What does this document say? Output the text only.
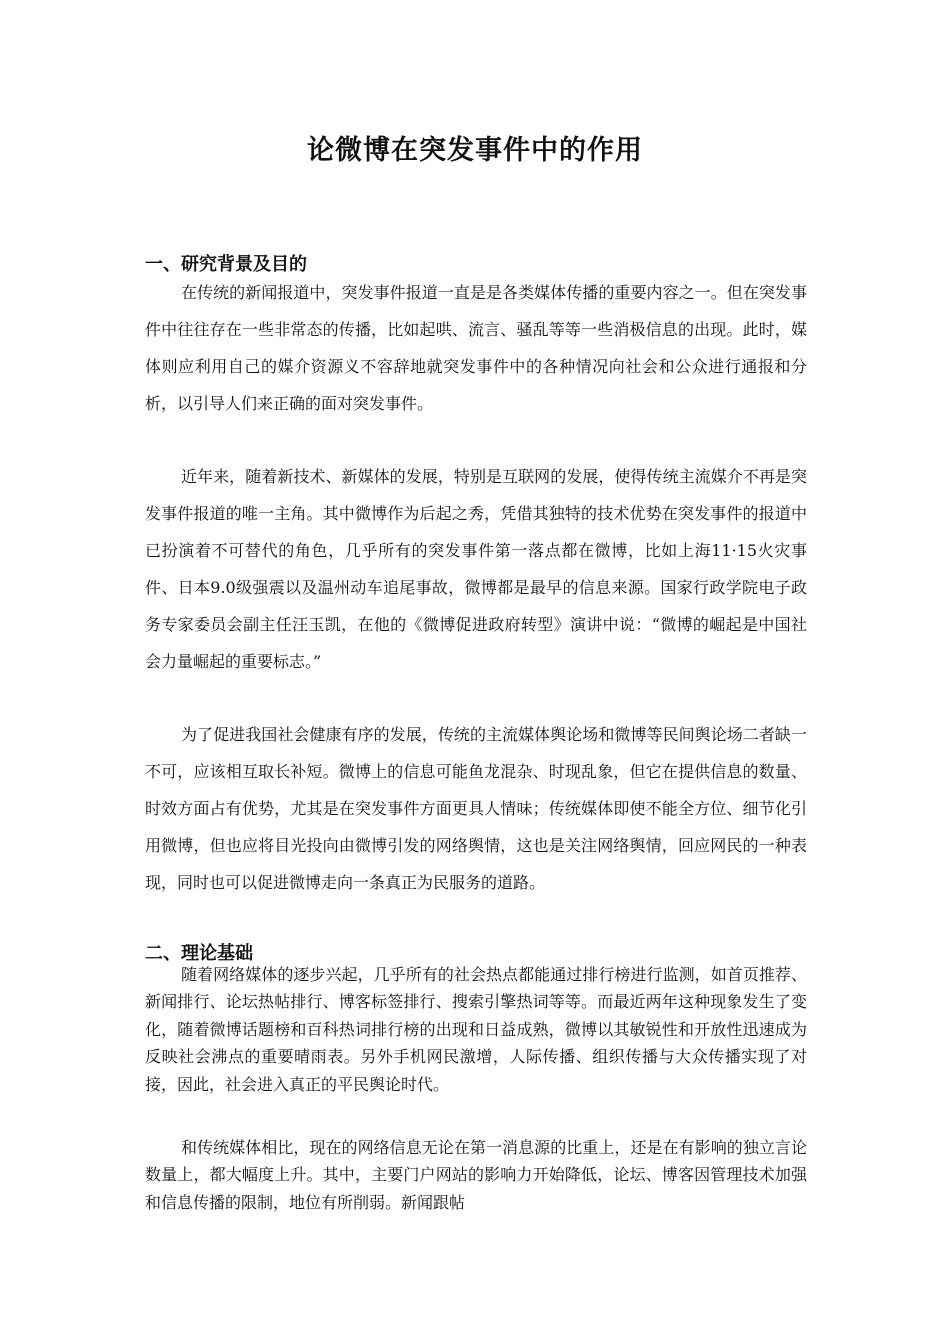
论微博在突发事件中的作用
一、研究背景及目的

在传统的新闻报道中，突发事件报道一直是是各类媒体传播的重要内容之一。但在突发事件中往往存在一些非常态的传播，比如起哄、流言、骚乱等等一些消极信息的出现。此时，媒体则应利用自己的媒介资源义不容辞地就突发事件中的各种情况向社会和公众进行通报和分析，以引导人们来正确的面对突发事件。

近年来，随着新技术、新媒体的发展，特别是互联网的发展，使得传统主流媒介不再是突发事件报道的唯一主角。其中微博作为后起之秀，凭借其独特的技术优势在突发事件的报道中已扮演着不可替代的角色，几乎所有的突发事件第一落点都在微博，比如上海11·15火灾事件、日本9.0级强震以及温州动车追尾事故，微博都是最早的信息来源。国家行政学院电子政务专家委员会副主任汪玉凯，在他的《微博促进政府转型》演讲中说：“微博的崛起是中国社会力量崛起的重要标志。”

为了促进我国社会健康有序的发展，传统的主流媒体舆论场和微博等民间舆论场二者缺一不可，应该相互取长补短。微博上的信息可能鱼龙混杂、时现乱象，但它在提供信息的数量、时效方面占有优势，尤其是在突发事件方面更具人情味；传统媒体即使不能全方位、细节化引用微博，但也应将目光投向由微博引发的网络舆情，这也是关注网络舆情，回应网民的一种表现，同时也可以促进微博走向一条真正为民服务的道路。

二、理论基础

随着网络媒体的逐步兴起，几乎所有的社会热点都能通过排行榜进行监测，如首页推荐、新闻排行、论坛热帖排行、博客标签排行、搜索引擎热词等等。而最近两年这种现象发生了变化，随着微博话题榜和百科热词排行榜的出现和日益成熟，微博以其敏锐性和开放性迅速成为反映社会沸点的重要晴雨表。另外手机网民激增，人际传播、组织传播与大众传播实现了对接，因此，社会进入真正的平民舆论时代。

和传统媒体相比，现在的网络信息无论在第一消息源的比重上，还是在有影响的独立言论数量上，都大幅度上升。其中，主要门户网站的影响力开始降低，论坛、博客因管理技术加强和信息传播的限制，地位有所削弱。新闻跟帖
